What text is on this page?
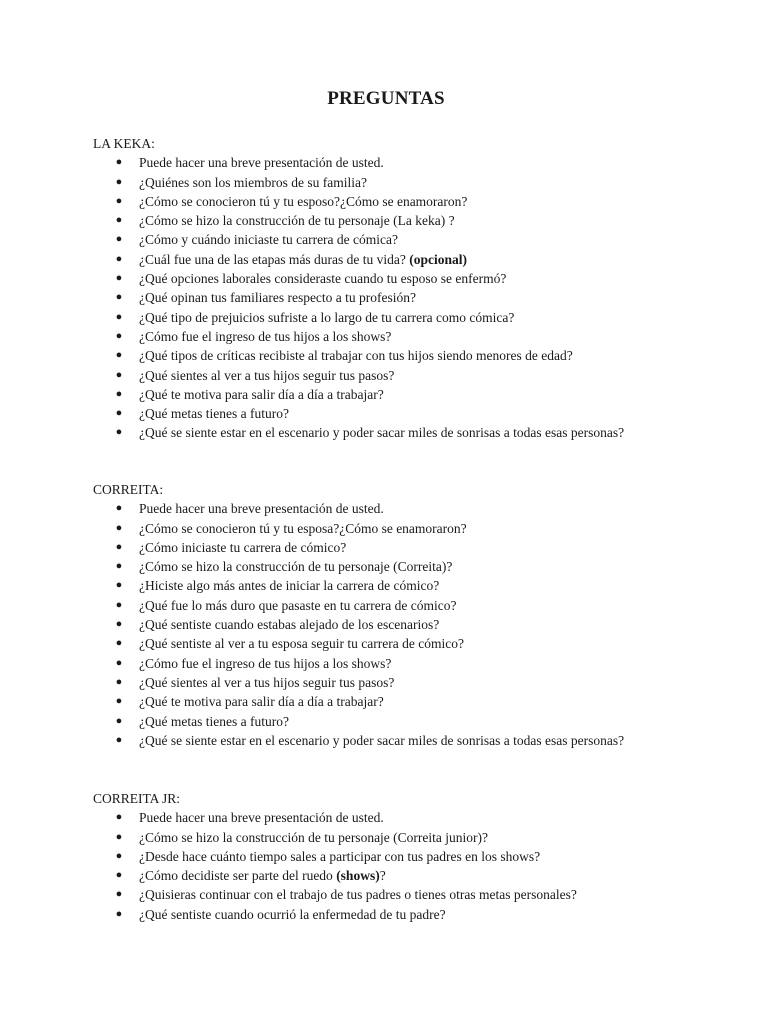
PREGUNTAS
LA KEKA:
● Puede hacer una breve presentación de usted.
● ¿Quiénes son los miembros de su familia?
● ¿Cómo se conocieron tú y tu esposo?¿Cómo se enamoraron?
● ¿Cómo se hizo la construcción de tu personaje (La keka) ?
● ¿Cómo y cuándo iniciaste tu carrera de cómica?
● ¿Cuál fue una de las etapas más duras de tu vida? (opcional)
● ¿Qué opciones laborales consideraste cuando tu esposo se enfermó?
● ¿Qué opinan tus familiares respecto a tu profesión?
● ¿Qué tipo de prejuicios sufriste a lo largo de tu carrera como cómica?
● ¿Cómo fue el ingreso de tus hijos a los shows?
● ¿Qué tipos de críticas recibiste al trabajar con tus hijos siendo menores de edad?
● ¿Qué sientes al ver a tus hijos seguir tus pasos?
● ¿Qué te motiva para salir día a día a trabajar?
● ¿Qué metas tienes a futuro?
● ¿Qué se siente estar en el escenario y poder sacar miles de sonrisas a todas esas personas?
CORREITA:
● Puede hacer una breve presentación de usted.
● ¿Cómo se conocieron tú y tu esposa?¿Cómo se enamoraron?
● ¿Cómo iniciaste tu carrera de cómico?
● ¿Cómo se hizo la construcción de tu personaje (Correita)?
● ¿Hiciste algo más antes de iniciar la carrera de cómico?
● ¿Qué fue lo más duro que pasaste en tu carrera de cómico?
● ¿Qué sentiste cuando estabas alejado de los escenarios?
● ¿Qué sentiste al ver a tu esposa seguir tu carrera de cómico?
● ¿Cómo fue el ingreso de tus hijos a los shows?
● ¿Qué sientes al ver a tus hijos seguir tus pasos?
● ¿Qué te motiva para salir día a día a trabajar?
● ¿Qué metas tienes a futuro?
● ¿Qué se siente estar en el escenario y poder sacar miles de sonrisas a todas esas personas?
CORREITA JR:
● Puede hacer una breve presentación de usted.
● ¿Cómo se hizo la construcción de tu personaje (Correita junior)?
● ¿Desde hace cuánto tiempo sales a participar con tus padres en los shows?
● ¿Cómo decidiste ser parte del ruedo (shows)?
● ¿Quisieras continuar con el trabajo de tus padres o tienes otras metas personales?
● ¿Qué sentiste cuando ocurrió la enfermedad de tu padre?
